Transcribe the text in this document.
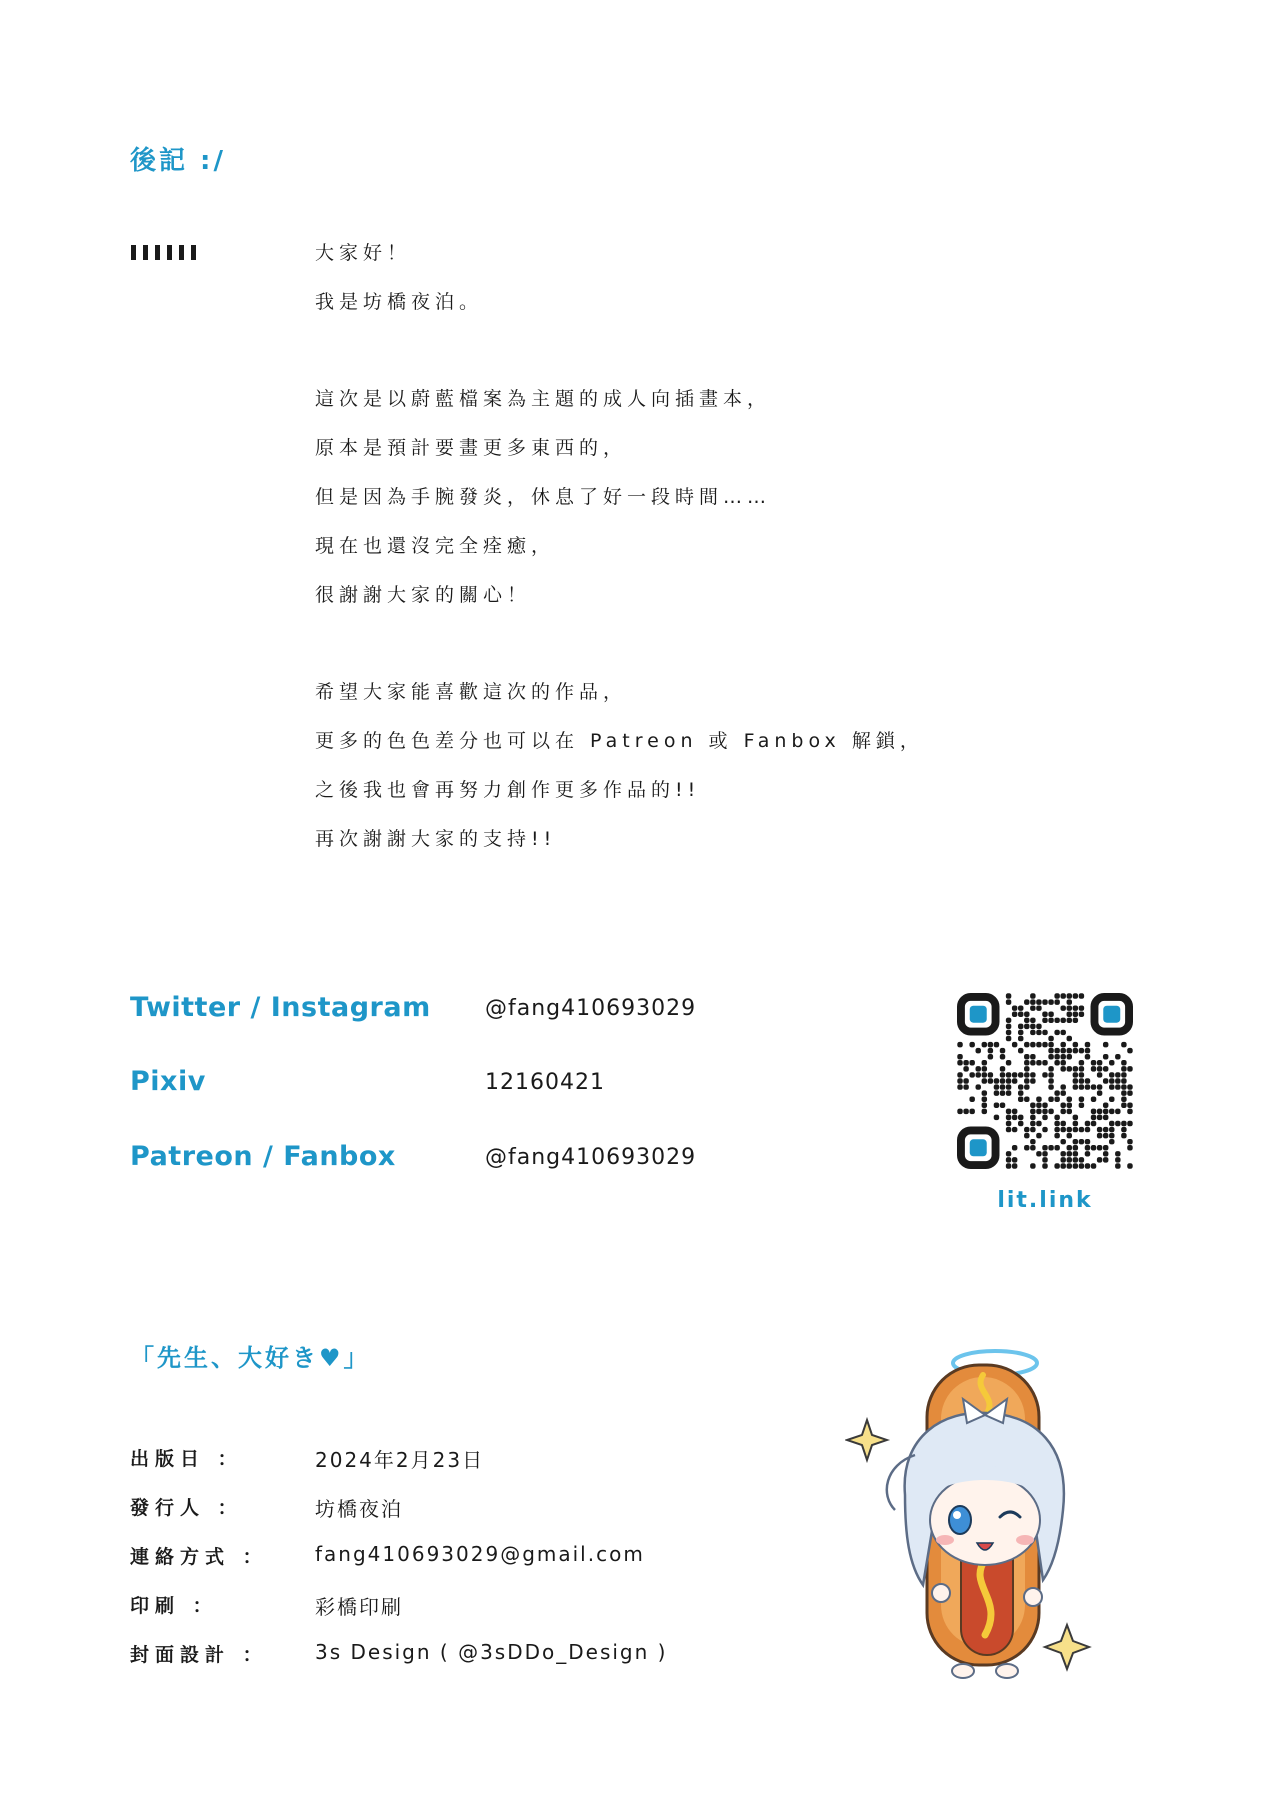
後記 :/
大家好！
我是坊橋夜泊。
這次是以蔚藍檔案為主題的成人向插畫本，
原本是預計要畫更多東西的，
但是因為手腕發炎，休息了好一段時間……
現在也還沒完全痊癒，
很謝謝大家的關心！
希望大家能喜歡這次的作品，
更多的色色差分也可以在 Patreon 或 Fanbox 解鎖，
之後我也會再努力創作更多作品的!!
再次謝謝大家的支持!!
Twitter / Instagram @fang410693029
Pixiv	12160421
Patreon / Fanbox	@fang410693029
lit.link
「先生、大好き♥」
出版日 ：	2024年2月23日
發行人 ：	坊橋夜泊
連絡方式 ： fang410693029@gmail.com
印刷 ：	彩橋印刷
封面設計 ： 3s Design ( @3sDDo_Design )
